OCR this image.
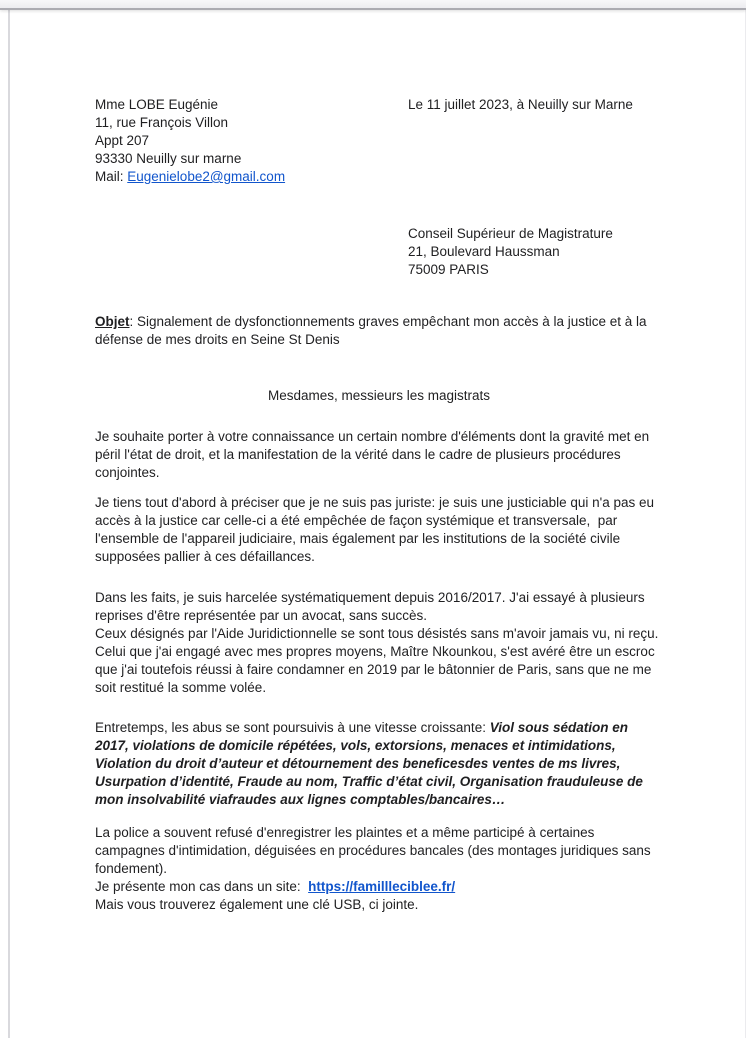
Mme LOBE Eugénie
11, rue François Villon
Appt 207
93330 Neuilly sur marne
Mail: Eugenielobe2@gmail.com
Le 11 juillet 2023, à Neuilly sur Marne
Conseil Supérieur de Magistrature
21, Boulevard Haussman
75009 PARIS

Objet: Signalement de dysfonctionnements graves empêchant mon accès à la justice et à la défense de mes droits en Seine St Denis

Mesdames, messieurs les magistrats

Je souhaite porter à votre connaissance un certain nombre d'éléments dont la gravité met en péril l'état de droit, et la manifestation de la vérité dans le cadre de plusieurs procédures conjointes.

Je tiens tout d'abord à préciser que je ne suis pas juriste: je suis une justiciable qui n'a pas eu accès à la justice car celle-ci a été empêchée de façon systémique et transversale,  par l'ensemble de l'appareil judiciaire, mais également par les institutions de la société civile supposées pallier à ces défaillances.

Dans les faits, je suis harcelée systématiquement depuis 2016/2017. J'ai essayé à plusieurs reprises d'être représentée par un avocat, sans succès.
Ceux désignés par l'Aide Juridictionnelle se sont tous désistés sans m'avoir jamais vu, ni reçu.
Celui que j'ai engagé avec mes propres moyens, Maître Nkounkou, s'est avéré être un escroc que j'ai toutefois réussi à faire condamner en 2019 par le bâtonnier de Paris, sans que ne me soit restitué la somme volée.

Entretemps, les abus se sont poursuivis à une vitesse croissante: Viol sous sédation en 2017, violations de domicile répétées, vols, extorsions, menaces et intimidations, Violation du droit d’auteur et détournement des beneficesdes ventes de ms livres, Usurpation d’identité, Fraude au nom, Traffic d’état civil, Organisation frauduleuse de mon insolvabilité viafraudes aux lignes comptables/bancaires…

La police a souvent refusé d'enregistrer les plaintes et a même participé à certaines campagnes d'intimidation, déguisées en procédures bancales (des montages juridiques sans fondement).
Je présente mon cas dans un site:  https://famillleciblee.fr/
Mais vous trouverez également une clé USB, ci jointe.
